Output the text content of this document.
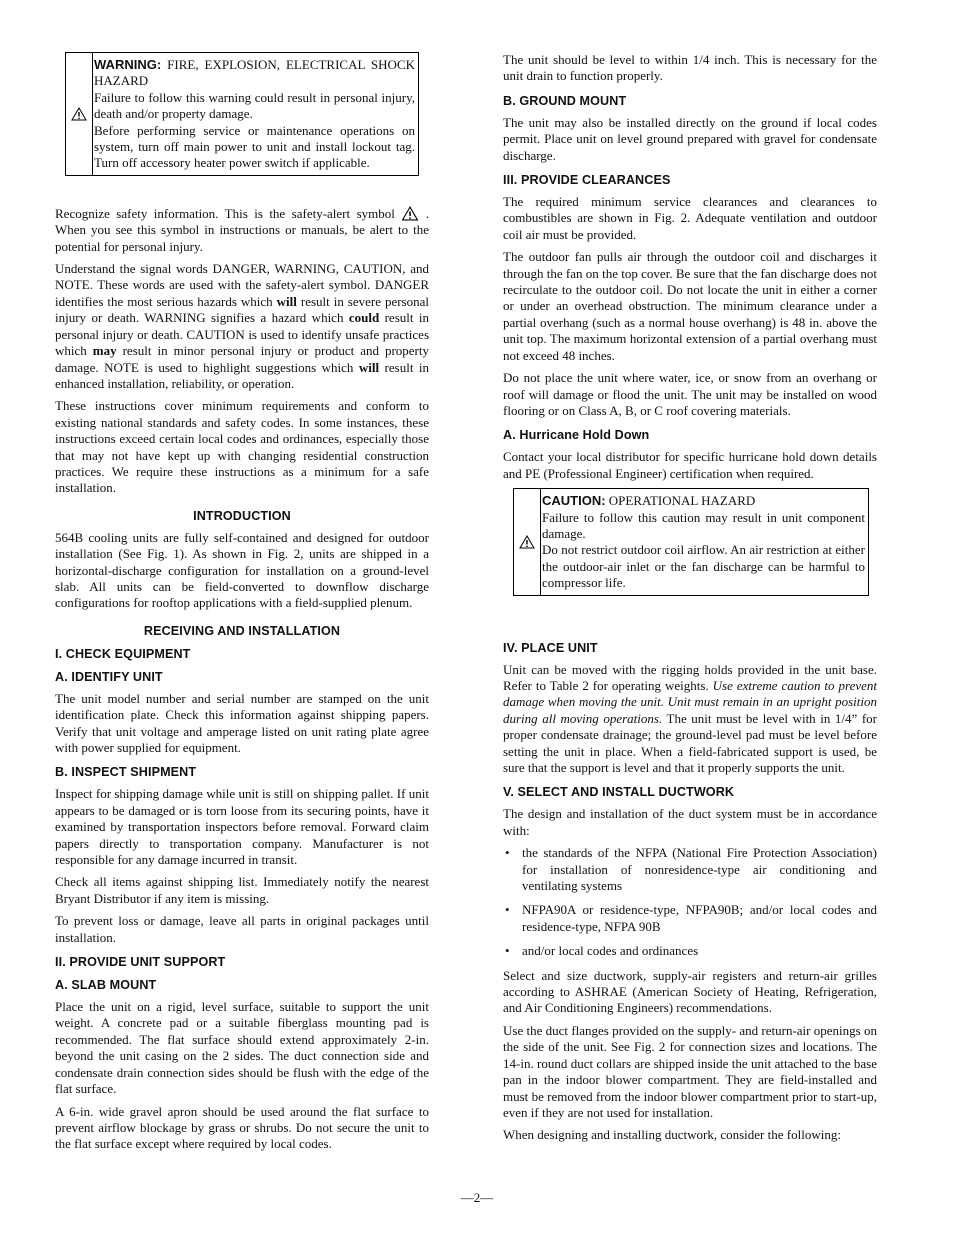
WARNING: FIRE, EXPLOSION, ELECTRICAL SHOCK HAZARD

Failure to follow this warning could result in personal injury, death and/or property damage.

Before performing service or maintenance operations on system, turn off main power to unit and install lockout tag. Turn off accessory heater power switch if applicable.

Recognize safety information. This is the safety-alert symbol  . When you see this symbol in instructions or manuals, be alert to the potential for personal injury.

Understand the signal words DANGER, WARNING, CAUTION, and NOTE. These words are used with the safety-alert symbol. DANGER identifies the most serious hazards which will result in severe personal injury or death. WARNING signifies a hazard which could result in personal injury or death. CAUTION is used to identify unsafe practices which may result in minor personal injury or product and property damage. NOTE is used to highlight suggestions which will result in enhanced installation, reliability, or operation.

These instructions cover minimum requirements and conform to existing national standards and safety codes. In some instances, these instructions exceed certain local codes and ordinances, especially those that may not have kept up with changing residential construction practices. We require these instructions as a minimum for a safe installation.

INTRODUCTION

564B cooling units are fully self-contained and designed for outdoor installation (See Fig. 1). As shown in Fig. 2, units are shipped in a horizontal-discharge configuration for installation on a ground-level slab. All units can be field-converted to downflow discharge configurations for rooftop applications with a field-supplied plenum.

RECEIVING AND INSTALLATION
I. CHECK EQUIPMENT
A. IDENTIFY UNIT

The unit model number and serial number are stamped on the unit identification plate. Check this information against shipping papers. Verify that unit voltage and amperage listed on unit rating plate agree with power supplied for equipment.

B. INSPECT SHIPMENT

Inspect for shipping damage while unit is still on shipping pallet. If unit appears to be damaged or is torn loose from its securing points, have it examined by transportation inspectors before removal. Forward claim papers directly to transportation company. Manufacturer is not responsible for any damage incurred in transit.

Check all items against shipping list. Immediately notify the nearest Bryant Distributor if any item is missing.

To prevent loss or damage, leave all parts in original packages until installation.

II. PROVIDE UNIT SUPPORT
A. SLAB MOUNT

Place the unit on a rigid, level surface, suitable to support the unit weight. A concrete pad or a suitable fiberglass mounting pad is recommended. The flat surface should extend approximately 2-in. beyond the unit casing on the 2 sides. The duct connection side and condensate drain connection sides should be flush with the edge of the flat surface.

A 6-in. wide gravel apron should be used around the flat surface to prevent airflow blockage by grass or shrubs. Do not secure the unit to the flat surface except where required by local codes.

The unit should be level to within 1/4 inch. This is necessary for the unit drain to function properly.

B. GROUND MOUNT

The unit may also be installed directly on the ground if local codes permit. Place unit on level ground prepared with gravel for condensate discharge.

III. PROVIDE CLEARANCES

The required minimum service clearances and clearances to combustibles are shown in Fig. 2. Adequate ventilation and outdoor coil air must be provided.

The outdoor fan pulls air through the outdoor coil and discharges it through the fan on the top cover. Be sure that the fan discharge does not recirculate to the outdoor coil. Do not locate the unit in either a corner or under an overhead obstruction. The minimum clearance under a partial overhang (such as a normal house overhang) is 48 in. above the unit top. The maximum horizontal extension of a partial overhang must not exceed 48 inches.

Do not place the unit where water, ice, or snow from an overhang or roof will damage or flood the unit. The unit may be installed on wood flooring or on Class A, B, or C roof covering materials.

A. Hurricane Hold Down

Contact your local distributor for specific hurricane hold down details and PE (Professional Engineer) certification when required.

CAUTION: OPERATIONAL HAZARD

Failure to follow this caution may result in unit component damage.

Do not restrict outdoor coil airflow. An air restriction at either the outdoor-air inlet or the fan discharge can be harmful to compressor life.

IV. PLACE UNIT

Unit can be moved with the rigging holds provided in the unit base. Refer to Table 2 for operating weights. Use extreme caution to prevent damage when moving the unit. Unit must remain in an upright position during all moving operations. The unit must be level with in 1/4” for proper condensate drainage; the ground-level pad must be level before setting the unit in place. When a field-fabricated support is used, be sure that the support is level and that it properly supports the unit.

V. SELECT AND INSTALL DUCTWORK

The design and installation of the duct system must be in accordance with:

• the standards of the NFPA (National Fire Protection Association) for installation of nonresidence-type air conditioning and ventilating systems
• NFPA90A or residence-type, NFPA90B; and/or local codes and residence-type, NFPA 90B
• and/or local codes and ordinances

Select and size ductwork, supply-air registers and return-air grilles according to ASHRAE (American Society of Heating, Refrigeration, and Air Conditioning Engineers) recommendations.

Use the duct flanges provided on the supply- and return-air openings on the side of the unit. See Fig. 2 for connection sizes and locations. The 14-in. round duct collars are shipped inside the unit attached to the base pan in the indoor blower compartment. They are field-installed and must be removed from the indoor blower compartment prior to start-up, even if they are not used for installation.

When designing and installing ductwork, consider the following:

—2—
